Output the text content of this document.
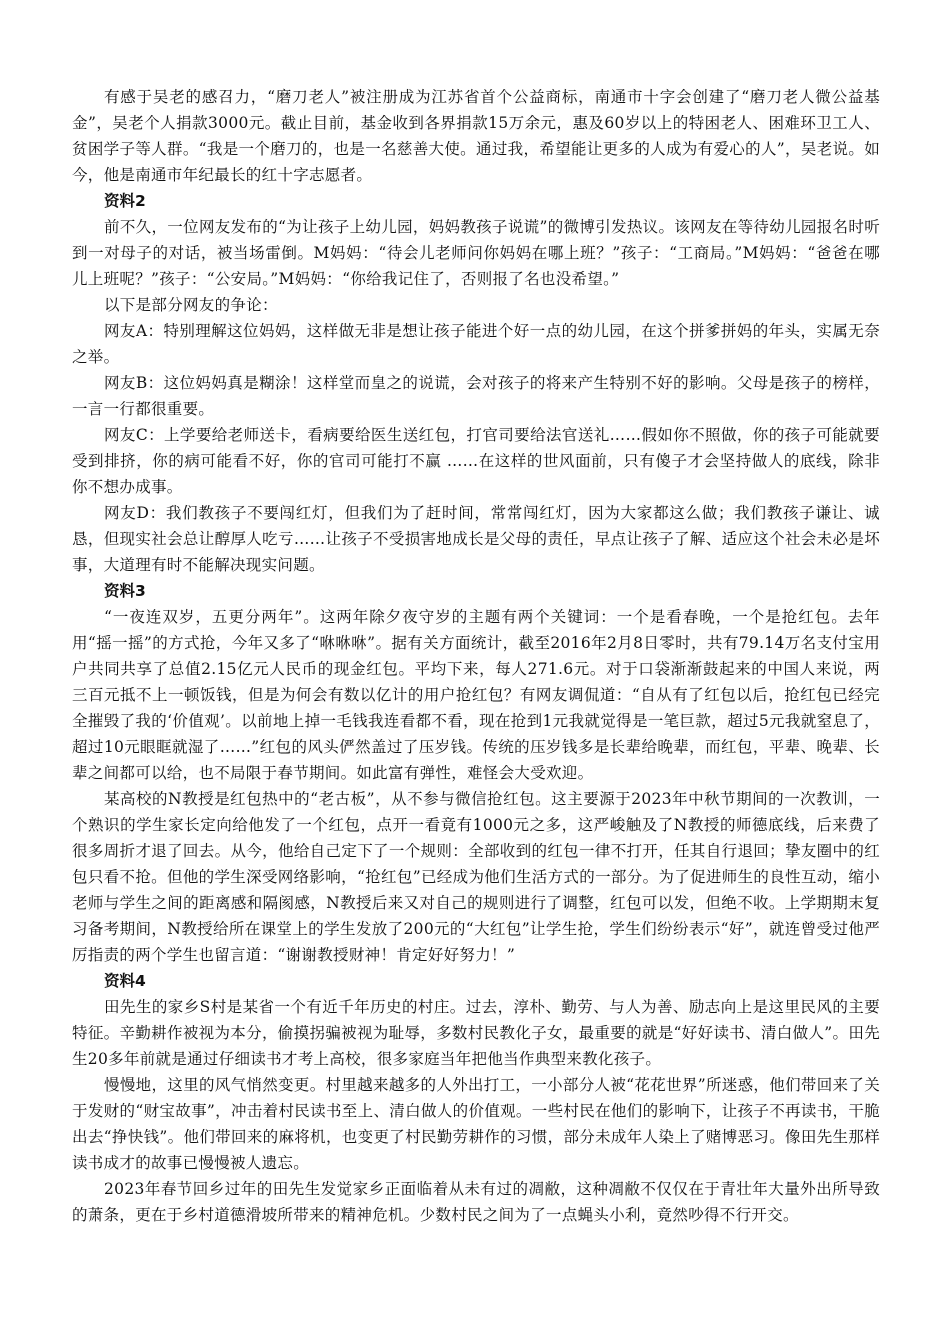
有感于吴老的感召力，“磨刀老人”被注册成为江苏省首个公益商标，南通市十字会创建了“磨刀老人微公益基金”，吴老个人捐款3000元。截止目前，基金收到各界捐款15万余元，惠及60岁以上的特困老人、困难环卫工人、贫困学子等人群。“我是一个磨刀的，也是一名慈善大使。通过我，希望能让更多的人成为有爱心的人”，吴老说。如今，他是南通市年纪最长的红十字志愿者。

资料2

前不久，一位网友发布的“为让孩子上幼儿园，妈妈教孩子说谎”的微博引发热议。该网友在等待幼儿园报名时听到一对母子的对话，被当场雷倒。M妈妈：“待会儿老师问你妈妈在哪上班？”孩子：“工商局。”M妈妈：“爸爸在哪儿上班呢？”孩子：“公安局。”M妈妈：“你给我记住了，否则报了名也没希望。”

以下是部分网友的争论：

网友A：特别理解这位妈妈，这样做无非是想让孩子能进个好一点的幼儿园，在这个拼爹拼妈的年头，实属无奈之举。

网友B：这位妈妈真是糊涂！这样堂而皇之的说谎，会对孩子的将来产生特别不好的影响。父母是孩子的榜样，一言一行都很重要。

网友C：上学要给老师送卡，看病要给医生送红包，打官司要给法官送礼……假如你不照做，你的孩子可能就要受到排挤，你的病可能看不好，你的官司可能打不赢 ……在这样的世风面前，只有傻子才会坚持做人的底线，除非你不想办成事。

网友D：我们教孩子不要闯红灯，但我们为了赶时间，常常闯红灯，因为大家都这么做；我们教孩子谦让、诚恳，但现实社会总让醇厚人吃亏……让孩子不受损害地成长是父母的责任，早点让孩子了解、适应这个社会未必是坏事，大道理有时不能解决现实问题。

资料3

“一夜连双岁，五更分两年”。这两年除夕夜守岁的主题有两个关键词：一个是看春晚，一个是抢红包。去年用“摇一摇”的方式抢，今年又多了“咻咻咻”。据有关方面统计，截至2016年2月8日零时，共有79.14万名支付宝用户共同共享了总值2.15亿元人民币的现金红包。平均下来，每人271.6元。对于口袋渐渐鼓起来的中国人来说，两三百元抵不上一顿饭钱，但是为何会有数以亿计的用户抢红包？有网友调侃道：“自从有了红包以后，抢红包已经完全摧毁了我的‘价值观’。以前地上掉一毛钱我连看都不看，现在抢到1元我就觉得是一笔巨款，超过5元我就窒息了，超过10元眼眶就湿了……”红包的风头俨然盖过了压岁钱。传统的压岁钱多是长辈给晚辈，而红包，平辈、晚辈、长辈之间都可以给，也不局限于春节期间。如此富有弹性，难怪会大受欢迎。

某高校的N教授是红包热中的“老古板”，从不参与微信抢红包。这主要源于2023年中秋节期间的一次教训，一个熟识的学生家长定向给他发了一个红包，点开一看竟有1000元之多，这严峻触及了N教授的师德底线，后来费了很多周折才退了回去。从今，他给自己定下了一个规则：全部收到的红包一律不打开，任其自行退回；挚友圈中的红包只看不抢。但他的学生深受网络影响，“抢红包”已经成为他们生活方式的一部分。为了促进师生的良性互动，缩小老师与学生之间的距离感和隔阂感，N教授后来又对自己的规则进行了调整，红包可以发，但绝不收。上学期期末复习备考期间，N教授给所在课堂上的学生发放了200元的“大红包”让学生抢，学生们纷纷表示“好”，就连曾受过他严厉指责的两个学生也留言道：“谢谢教授财神！肯定好好努力！”

资料4

田先生的家乡S村是某省一个有近千年历史的村庄。过去，淳朴、勤劳、与人为善、励志向上是这里民风的主要特征。辛勤耕作被视为本分，偷摸拐骗被视为耻辱，多数村民教化子女，最重要的就是“好好读书、清白做人”。田先生20多年前就是通过仔细读书才考上高校，很多家庭当年把他当作典型来教化孩子。

慢慢地，这里的风气悄然变更。村里越来越多的人外出打工，一小部分人被“花花世界”所迷惑，他们带回来了关于发财的“财宝故事”，冲击着村民读书至上、清白做人的价值观。一些村民在他们的影响下，让孩子不再读书，干脆出去“挣快钱”。他们带回来的麻将机，也变更了村民勤劳耕作的习惯，部分未成年人染上了赌博恶习。像田先生那样读书成才的故事已慢慢被人遗忘。

2023年春节回乡过年的田先生发觉家乡正面临着从未有过的凋敝，这种凋敝不仅仅在于青壮年大量外出所导致的萧条，更在于乡村道德滑坡所带来的精神危机。少数村民之间为了一点蝇头小利，竟然吵得不行开交。
